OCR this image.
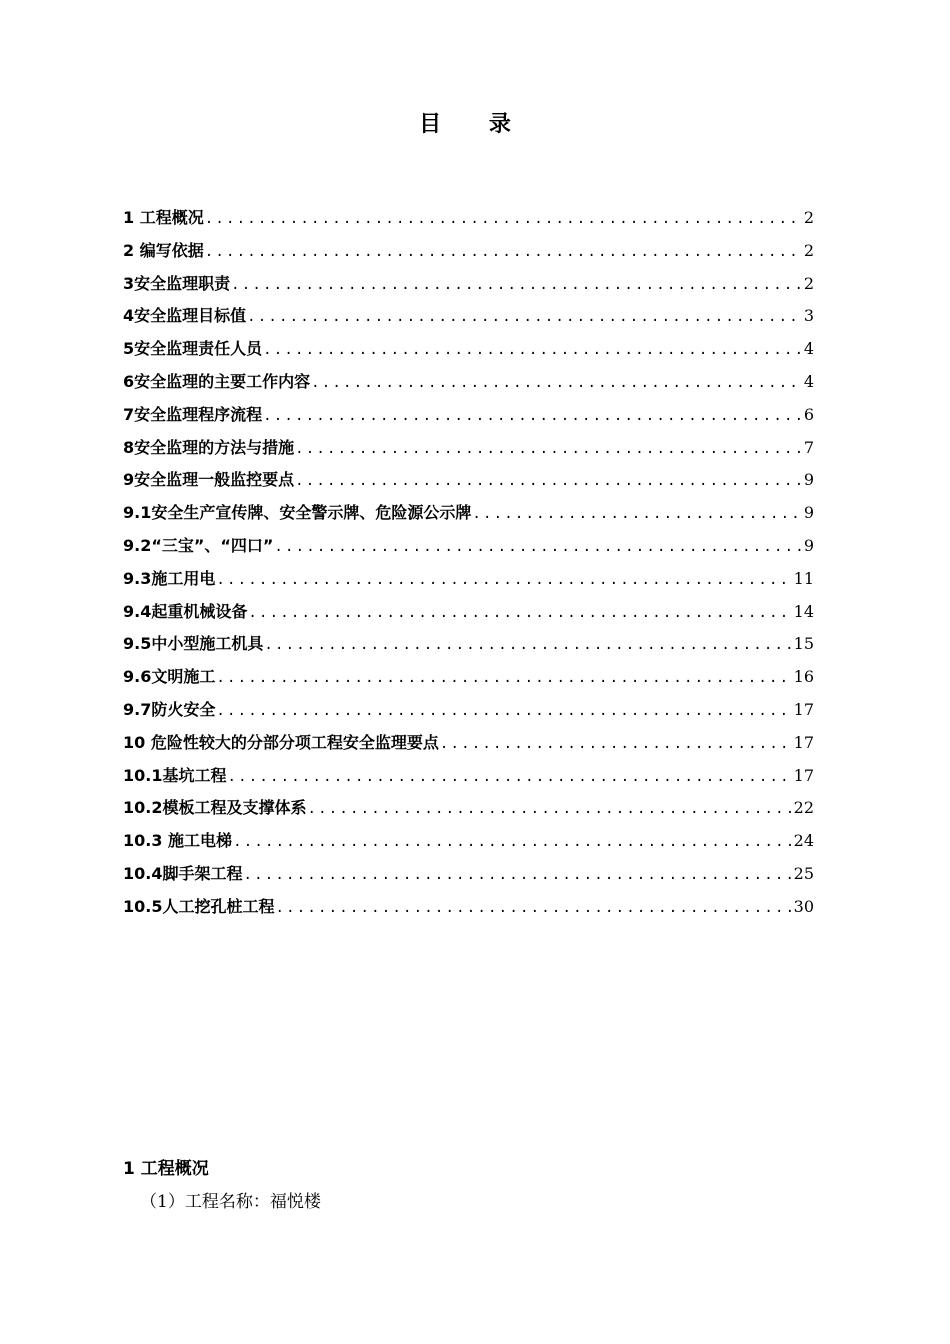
目 录
1 工程概况 .....	2
2 编写依据 .....	2
3安全监理职责 .....	2
4安全监理目标值 .....	3
5安全监理责任人员 .....	4
6安全监理的主要工作内容 .....	4
7安全监理程序流程 .....	6
8安全监理的方法与措施 .....	7
9安全监理一般监控要点 .....	9
9.1安全生产宣传牌、安全警示牌、危险源公示牌 .....	9
9.2“三宝”、“四口” .....	9
9.3施工用电 .....	11
9.4起重机械设备 .....	14
9.5中小型施工机具 .....	15
9.6文明施工 .....	16
9.7防火安全 .....	17
10 危险性较大的分部分项工程安全监理要点 .....	17
10.1基坑工程 .....	17
10.2模板工程及支撑体系 .....	22
10.3 施工电梯 .....	24
10.4脚手架工程 .....	25
10.5人工挖孔桩工程 .....	30
1 工程概况
（1）工程名称：福悦楼
